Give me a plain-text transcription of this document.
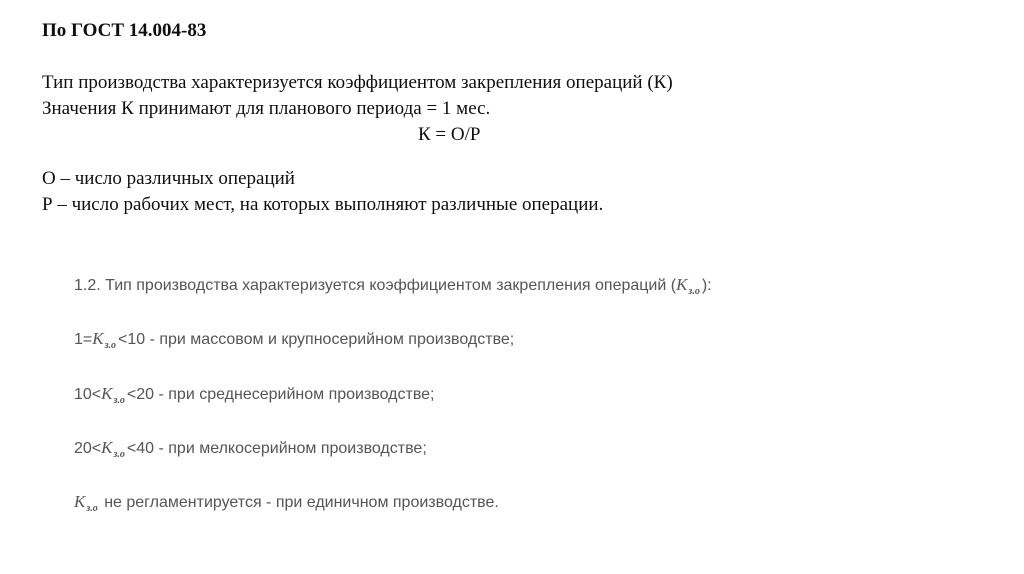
По ГОСТ 14.004-83
Тип производства характеризуется коэффициентом закрепления операций (К)
Значения К принимают для планового периода = 1 мес.
К = О/Р
О – число различных операций
Р – число рабочих мест, на которых выполняют различные операции.
1.2. Тип производства характеризуется коэффициентом закрепления операций ($K_{з.о}$ ):
$1=K_{з.о} <10$ - при массовом и крупносерийном производстве;
$10<K_{з.о} <20$ - при среднесерийном производстве;
$20<K_{з.о} <40$ - при мелкосерийном производстве;
$K_{з.о}$ не регламентируется - при единичном производстве.
